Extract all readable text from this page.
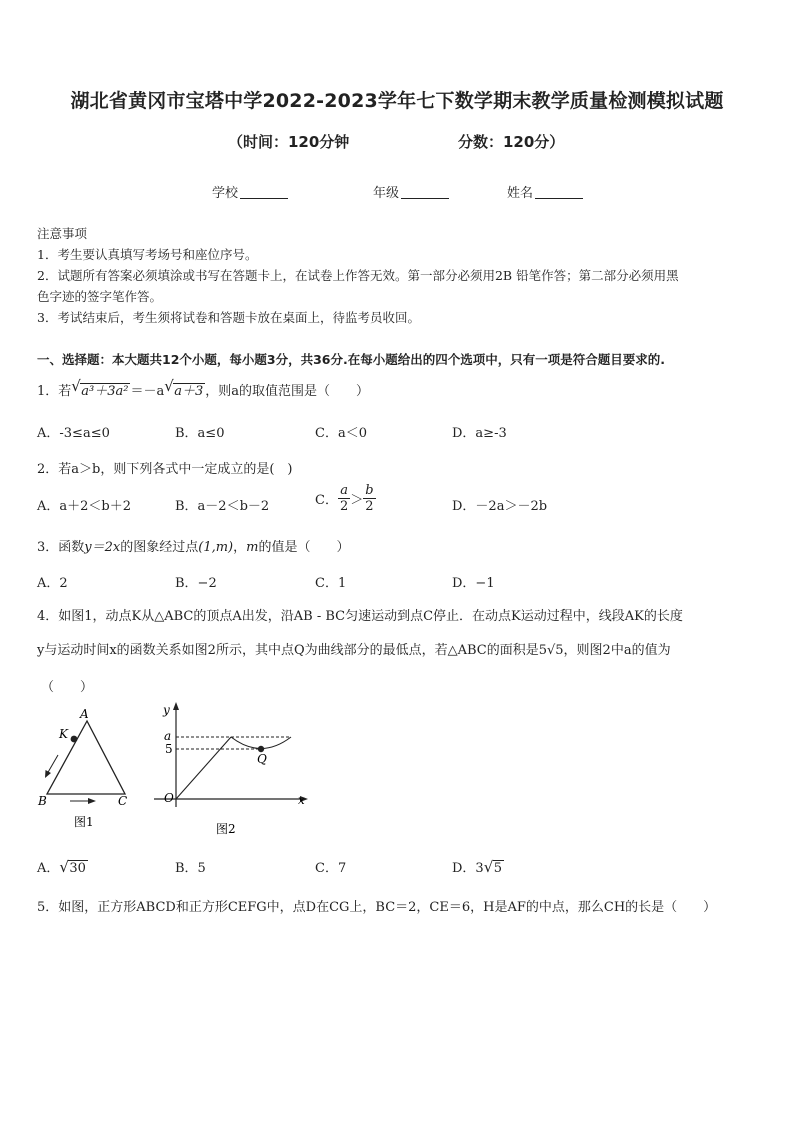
湖北省黄冈市宝塔中学2022-2023学年七下数学期末教学质量检测模拟试题
（时间：120分钟	分数：120分）
学校	年级	姓名
注意事项
1．考生要认真填写考场号和座位序号。
2．试题所有答案必须填涂或书写在答题卡上，在试卷上作答无效。第一部分必须用2B 铅笔作答；第二部分必须用黑
色字迹的签字笔作答。
3．考试结束后，考生须将试卷和答题卡放在桌面上，待监考员收回。
一、选择题：本大题共12个小题，每小题3分，共36分.在每小题给出的四个选项中，只有一项是符合题目要求的.
1．若 √ a³＋3a² ＝－a √ a＋3 ，则a的取值范围是（　　）
A．-3≤a≤0	B．a≤0	C．a＜0	D．a≥-3
2．若a＞b，则下列各式中一定成立的是(　)
A．a＋2＜b＋2	B．a－2＜b－2	C． $\frac{a}{2} > \frac{b}{2}$	D．－2a＞－2b
3．函数y＝2x的图象经过点(1,m)，m的值是（　　）
A．2	B．−2	C．1	D．−1
4．如图1，动点K从△ABC的顶点A出发，沿AB - BC匀速运动到点C停止．在动点K运动过程中，线段AK的长度
y与运动时间x的函数关系如图2所示，其中点Q为曲线部分的最低点，若△ABC的面积是5√5，则图2中a的值为
（　　）
A
K
B	C
图1
y
a
5
Q
O	x
图2
A． √ 30	B．5	C．7	D．3 √ 5
5．如图，正方形ABCD和正方形CEFG中，点D在CG上，BC＝2，CE＝6，H是AF的中点，那么CH的长是（　　）
